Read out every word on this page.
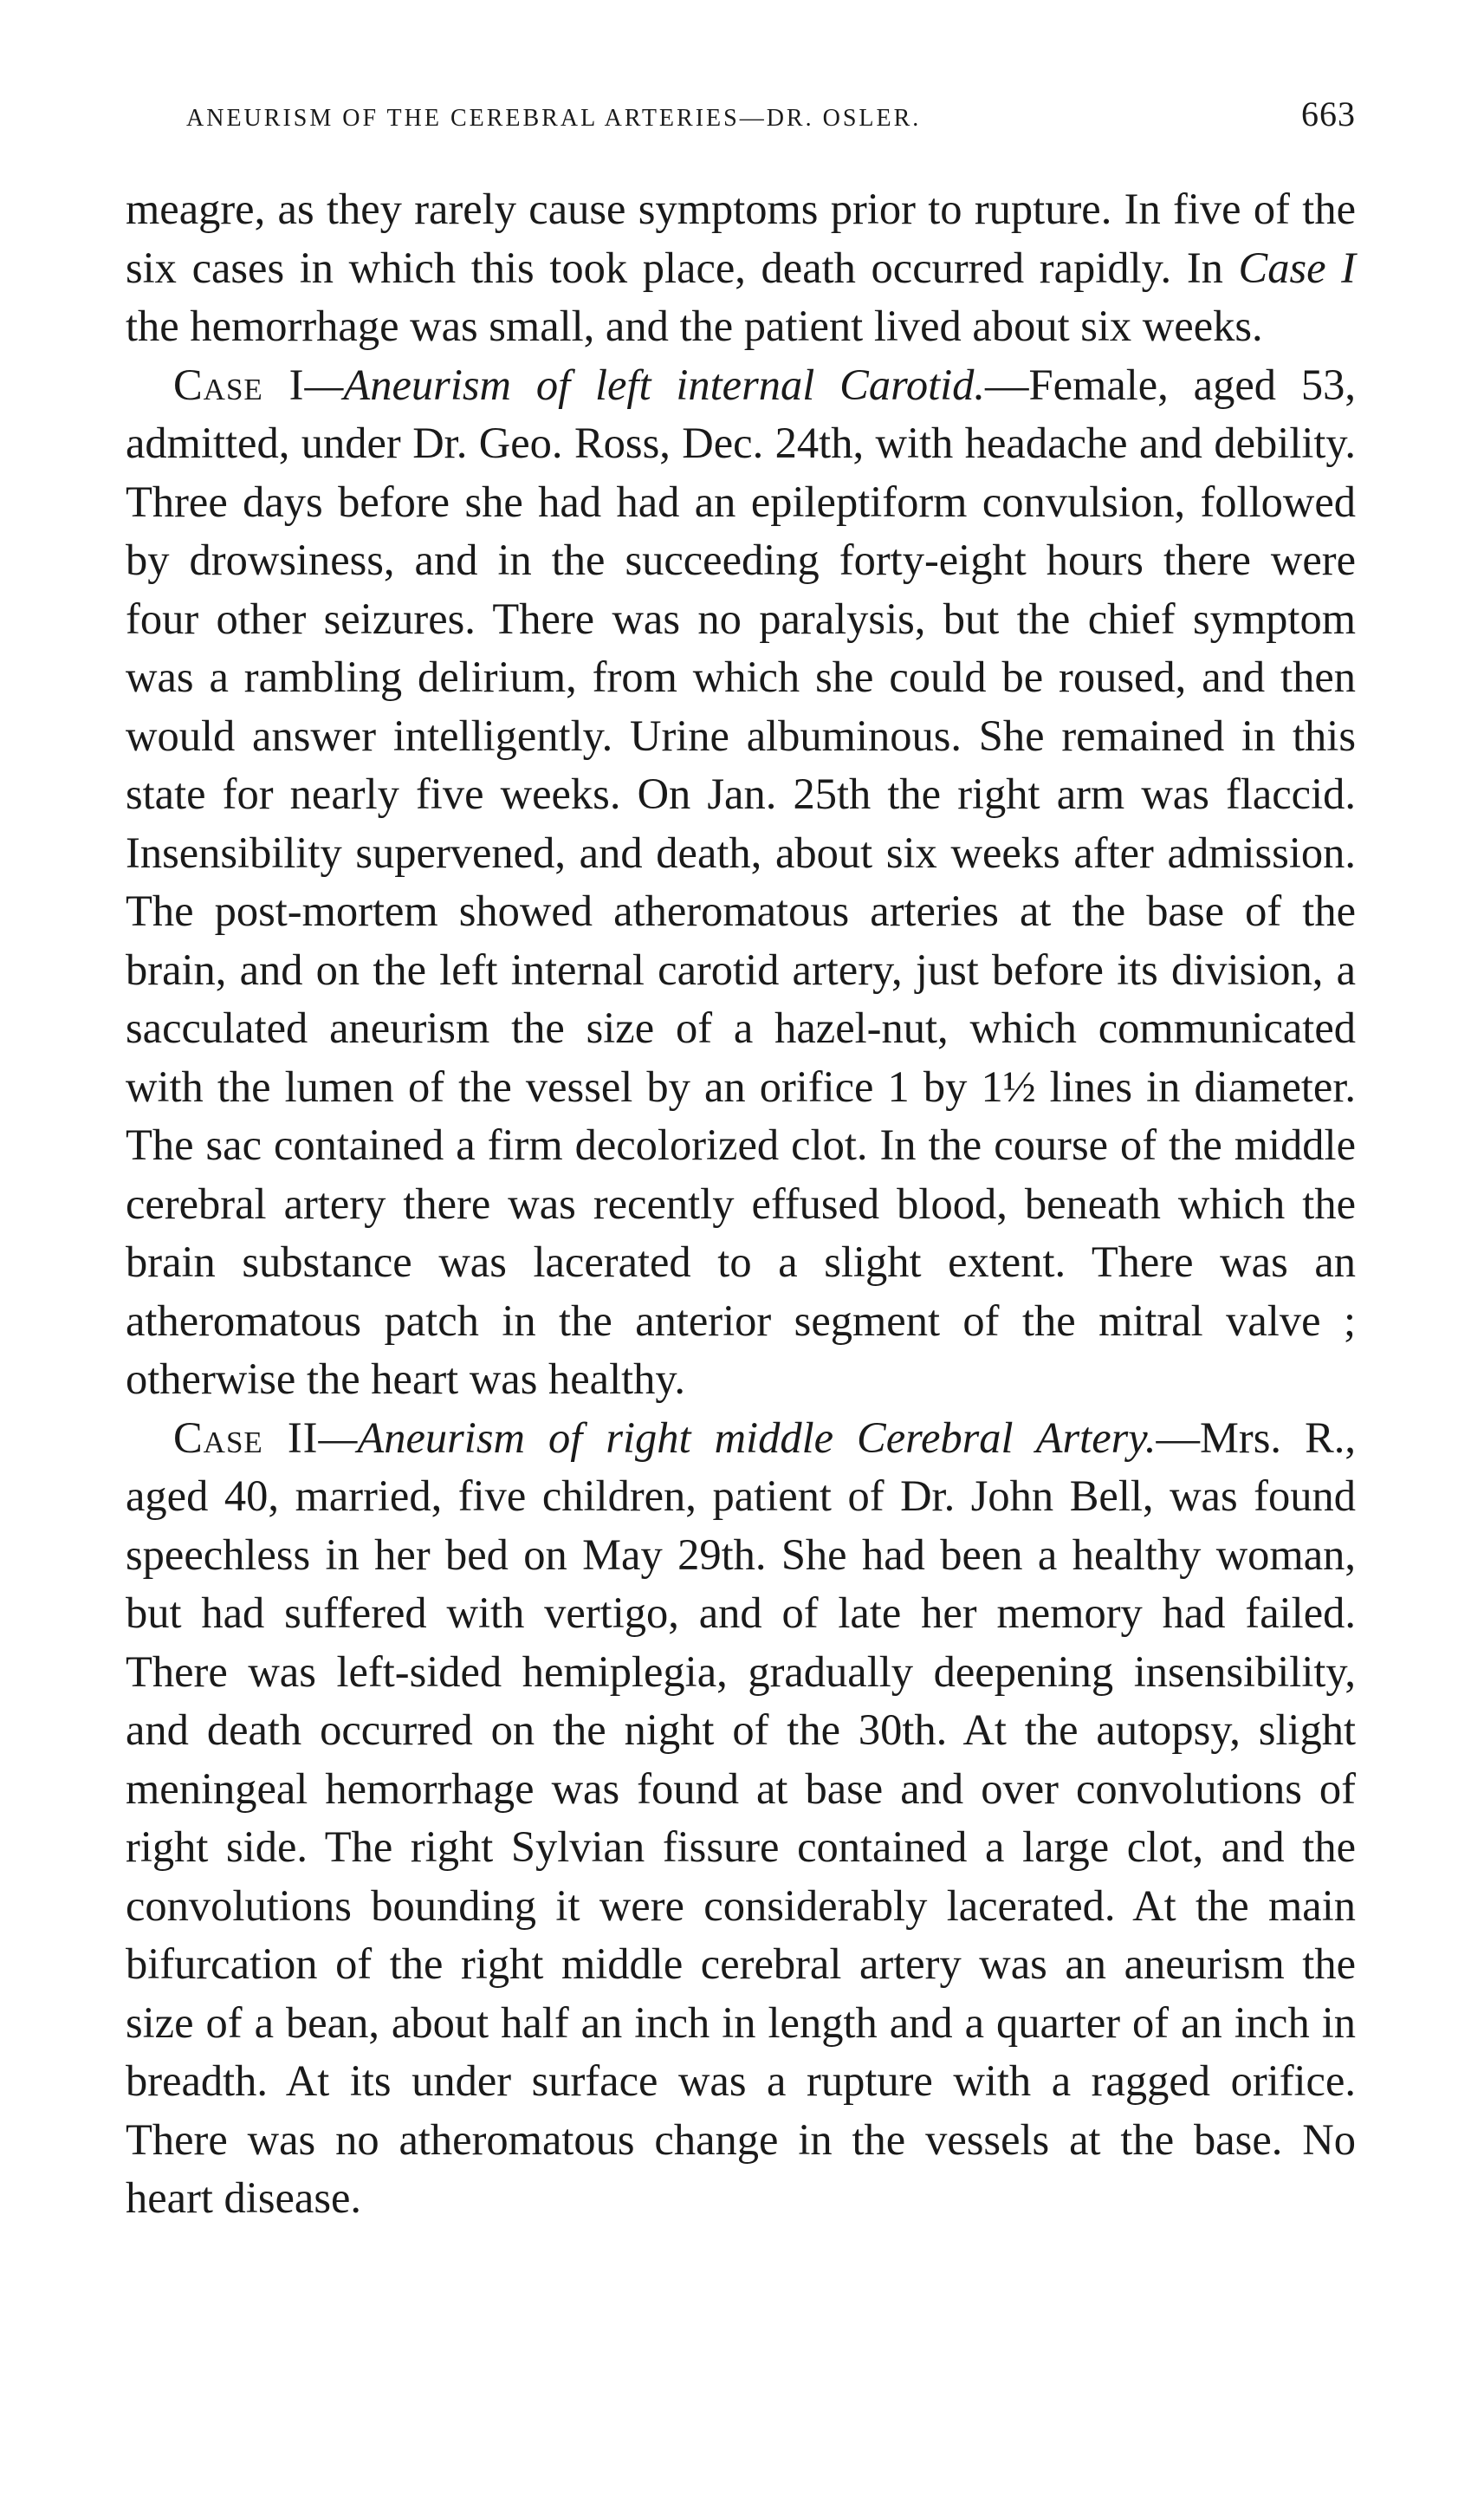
ANEURISM OF THE CEREBRAL ARTERIES—DR. OSLER.	663

meagre, as they rarely cause symptoms prior to rupture. In five of the six cases in which this took place, death occurred rapidly. In Case I the hemorrhage was small, and the patient lived about six weeks.

Case I—Aneurism of left internal Carotid.—Female, aged 53, admitted, under Dr. Geo. Ross, Dec. 24th, with headache and debility. Three days before she had had an epileptiform convulsion, followed by drowsiness, and in the succeeding forty-eight hours there were four other seizures. There was no paralysis, but the chief symptom was a rambling delirium, from which she could be roused, and then would answer intelligently. Urine albuminous. She remained in this state for nearly five weeks. On Jan. 25th the right arm was flaccid. Insensibility supervened, and death, about six weeks after admission. The post-mortem showed atheromatous arteries at the base of the brain, and on the left internal carotid artery, just before its division, a sacculated aneurism the size of a hazel-nut, which communicated with the lumen of the vessel by an orifice 1 by 1½ lines in diameter. The sac contained a firm decolorized clot. In the course of the middle cerebral artery there was recently effused blood, beneath which the brain substance was lacerated to a slight extent. There was an atheromatous patch in the anterior segment of the mitral valve ; otherwise the heart was healthy.

Case II—Aneurism of right middle Cerebral Artery.—Mrs. R., aged 40, married, five children, patient of Dr. John Bell, was found speechless in her bed on May 29th. She had been a healthy woman, but had suffered with vertigo, and of late her memory had failed. There was left-sided hemiplegia, gradually deepening insensibility, and death occurred on the night of the 30th. At the autopsy, slight meningeal hemorrhage was found at base and over convolutions of right side. The right Sylvian fissure contained a large clot, and the convolutions bounding it were considerably lacerated. At the main bifurcation of the right middle cerebral artery was an aneurism the size of a bean, about half an inch in length and a quarter of an inch in breadth. At its under surface was a rupture with a ragged orifice. There was no atheromatous change in the vessels at the base. No heart disease.
